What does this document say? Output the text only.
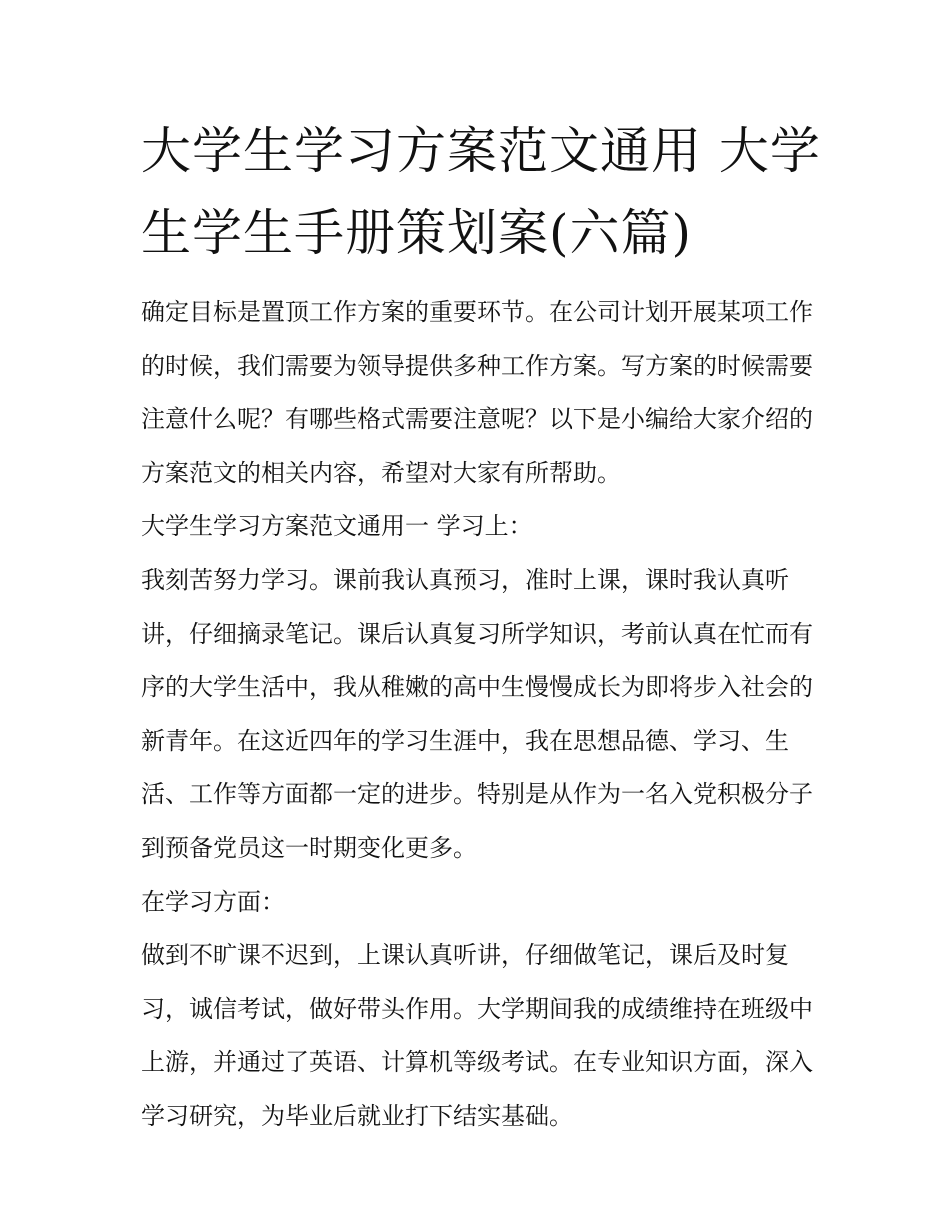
大学生学习方案范文通用 大学生学生手册策划案(六篇)

确定目标是置顶工作方案的重要环节。在公司计划开展某项工作的时候，我们需要为领导提供多种工作方案。写方案的时候需要注意什么呢？有哪些格式需要注意呢？以下是小编给大家介绍的方案范文的相关内容，希望对大家有所帮助。

大学生学习方案范文通用一 学习上：

我刻苦努力学习。课前我认真预习，准时上课，课时我认真听讲，仔细摘录笔记。课后认真复习所学知识，考前认真在忙而有序的大学生活中，我从稚嫩的高中生慢慢成长为即将步入社会的新青年。在这近四年的学习生涯中，我在思想品德、学习、生活、工作等方面都一定的进步。特别是从作为一名入党积极分子到预备党员这一时期变化更多。

在学习方面：

做到不旷课不迟到，上课认真听讲，仔细做笔记，课后及时复习，诚信考试，做好带头作用。大学期间我的成绩维持在班级中上游，并通过了英语、计算机等级考试。在专业知识方面，深入学习研究，为毕业后就业打下结实基础。
